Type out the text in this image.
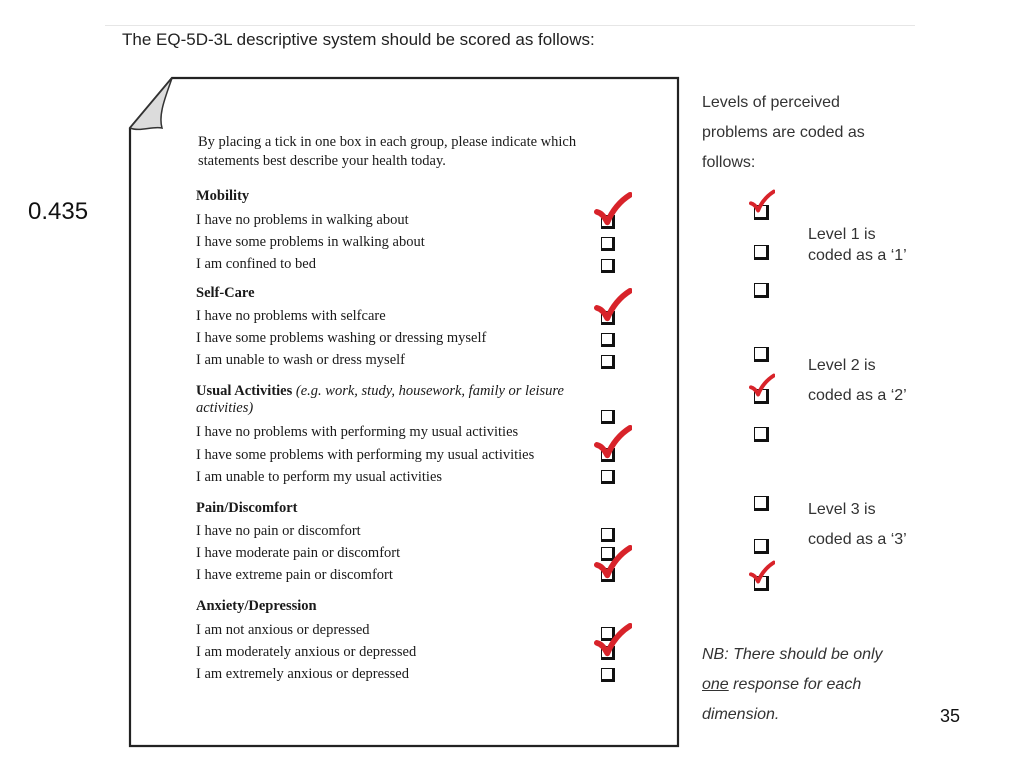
The EQ-5D-3L descriptive system should be scored as follows:
0.435
By placing a tick in one box in each group, please indicate which statements best describe your health today.
Mobility
I have no problems in walking about
I have some problems in walking about
I am confined to bed
Self-Care
I have no problems with selfcare
I have some problems washing or dressing myself
I am unable to wash or dress myself
Usual Activities (e.g. work, study, housework, family or leisure activities)
I have no problems with performing my usual activities
I have some problems with performing my usual activities
I am unable to perform my usual activities
Pain/Discomfort
I have no pain or discomfort
I have moderate pain or discomfort
I have extreme pain or discomfort
Anxiety/Depression
I am not anxious or depressed
I am moderately anxious or depressed
I am extremely anxious or depressed
Levels of perceived problems are coded as follows:
Level 1 is coded as a ‘1’
Level 2 is coded as a ‘2’
Level 3 is coded as a ‘3’
NB: There should be only one response for each dimension.	35
